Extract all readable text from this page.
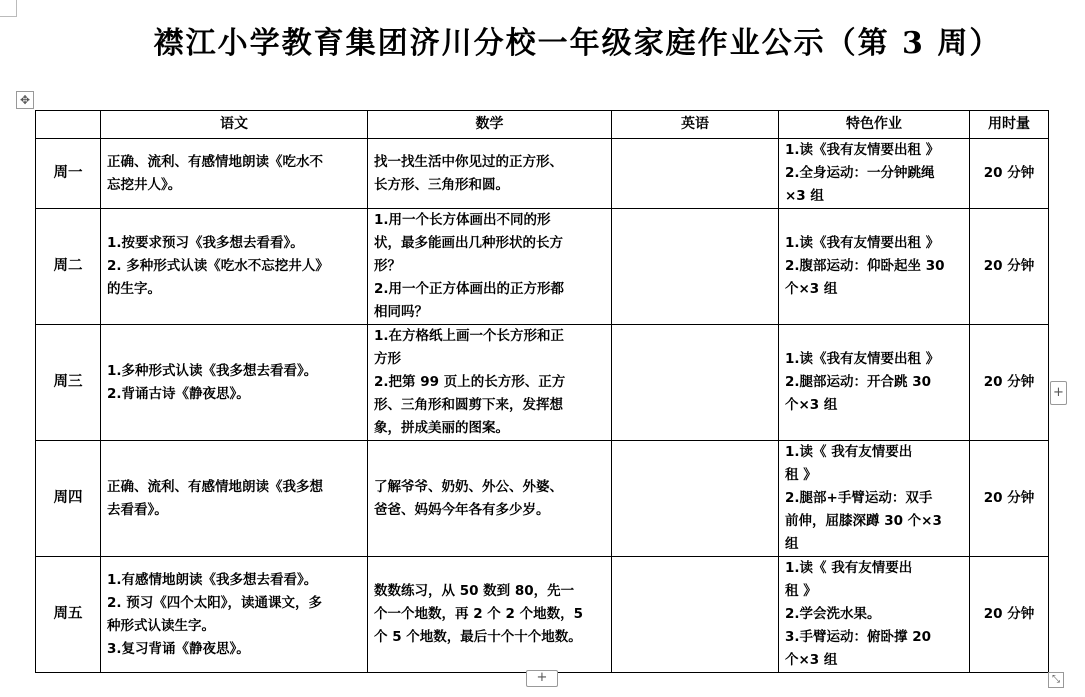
襟江小学教育集团济川分校一年级家庭作业公示（第 3 周）
✥
	语文	数学	英语	特色作业	用时量
周一	正确、流利、有感情地朗读《吃水不
忘挖井人》。	找一找生活中你见过的正方形、
长方形、三角形和圆。		1.读《我有友情要出租 》
2.全身运动：一分钟跳绳
×3 组	20 分钟
周二	1.按要求预习《我多想去看看》。
2. 多种形式认读《吃水不忘挖井人》
的生字。	1.用一个长方体画出不同的形
状，最多能画出几种形状的长方
形？
2.用一个正方体画出的正方形都
相同吗？		1.读《我有友情要出租 》
2.腹部运动：仰卧起坐 30
个×3 组	20 分钟
周三	1.多种形式认读《我多想去看看》。
2.背诵古诗《静夜思》。	1.在方格纸上画一个长方形和正
方形
2.把第 99 页上的长方形、正方
形、三角形和圆剪下来，发挥想
象，拼成美丽的图案。		1.读《我有友情要出租 》
2.腿部运动：开合跳 30
个×3 组	20 分钟
周四	正确、流利、有感情地朗读《我多想
去看看》。	了解爷爷、奶奶、外公、外婆、
爸爸、妈妈今年各有多少岁。		1.读《 我有友情要出
租 》
2.腿部+手臂运动：双手
前伸，屈膝深蹲 30 个×3
组	20 分钟
周五	1.有感情地朗读《我多想去看看》。
2. 预习《四个太阳》，读通课文，多
种形式认读生字。
3.复习背诵《静夜思》。	数数练习，从 50 数到 80，先一
个一个地数，再 2 个 2 个地数，5
个 5 个地数，最后十个十个地数。		1.读《 我有友情要出
租 》
2.学会洗水果。
3.手臂运动：俯卧撑 20
个×3 组	20 分钟
+
+	⤡
